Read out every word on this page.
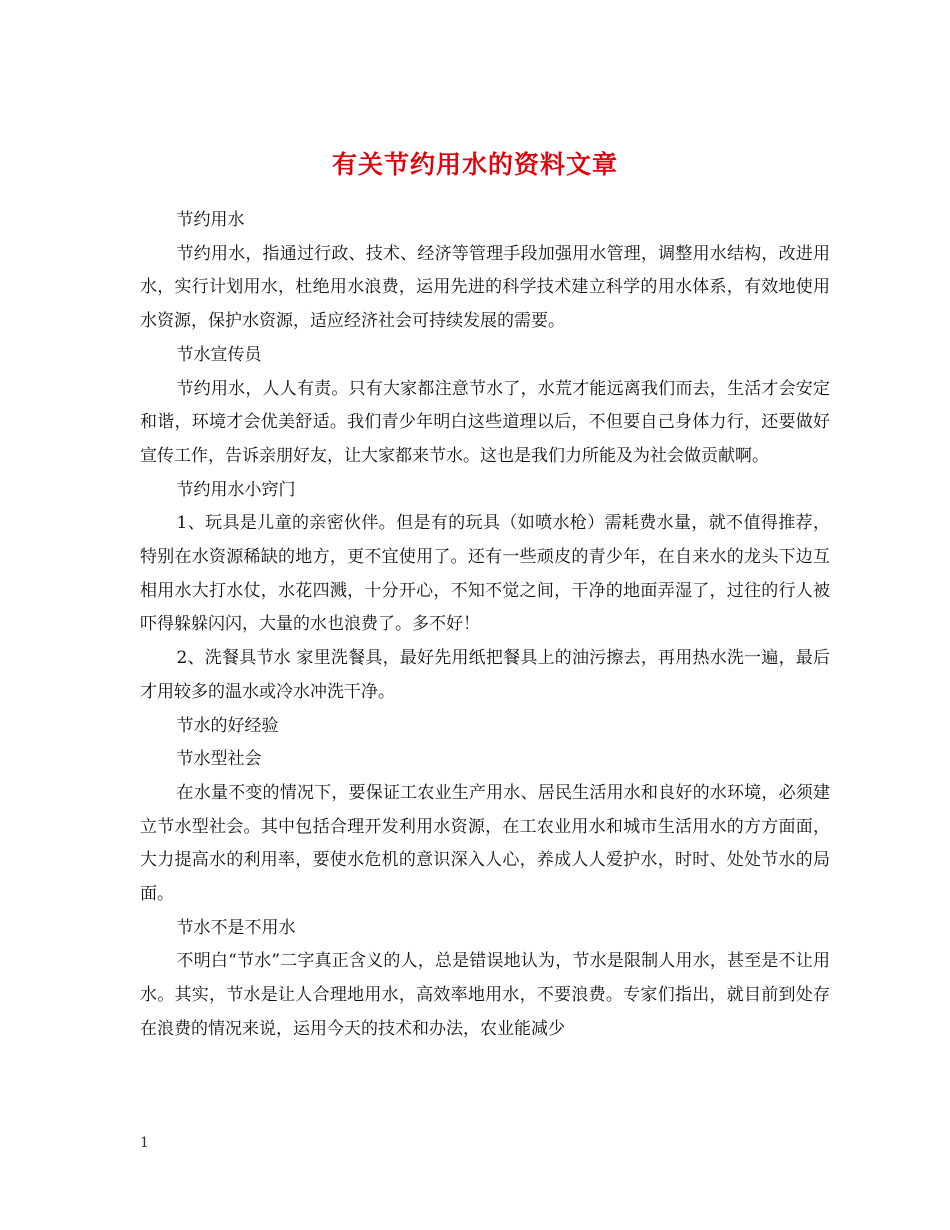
有关节约用水的资料文章

节约用水

节约用水，指通过行政、技术、经济等管理手段加强用水管理，调整用水结构，改进用水，实行计划用水，杜绝用水浪费，运用先进的科学技术建立科学的用水体系，有效地使用水资源，保护水资源，适应经济社会可持续发展的需要。

节水宣传员

节约用水，人人有责。只有大家都注意节水了，水荒才能远离我们而去，生活才会安定和谐，环境才会优美舒适。我们青少年明白这些道理以后，不但要自己身体力行，还要做好宣传工作，告诉亲朋好友，让大家都来节水。这也是我们力所能及为社会做贡献啊。

节约用水小窍门

1、玩具是儿童的亲密伙伴。但是有的玩具（如喷水枪）需耗费水量，就不值得推荐，特别在水资源稀缺的地方，更不宜使用了。还有一些顽皮的青少年，在自来水的龙头下边互相用水大打水仗，水花四溅，十分开心，不知不觉之间，干净的地面弄湿了，过往的行人被吓得躲躲闪闪，大量的水也浪费了。多不好！

2、洗餐具节水 家里洗餐具，最好先用纸把餐具上的油污擦去，再用热水洗一遍，最后才用较多的温水或冷水冲洗干净。

节水的好经验

节水型社会

在水量不变的情况下，要保证工农业生产用水、居民生活用水和良好的水环境，必须建立节水型社会。其中包括合理开发利用水资源，在工农业用水和城市生活用水的方方面面，大力提高水的利用率，要使水危机的意识深入人心，养成人人爱护水，时时、处处节水的局面。

节水不是不用水

不明白“节水”二字真正含义的人，总是错误地认为，节水是限制人用水，甚至是不让用水。其实，节水是让人合理地用水，高效率地用水，不要浪费。专家们指出，就目前到处存在浪费的情况来说，运用今天的技术和办法，农业能减少

1
